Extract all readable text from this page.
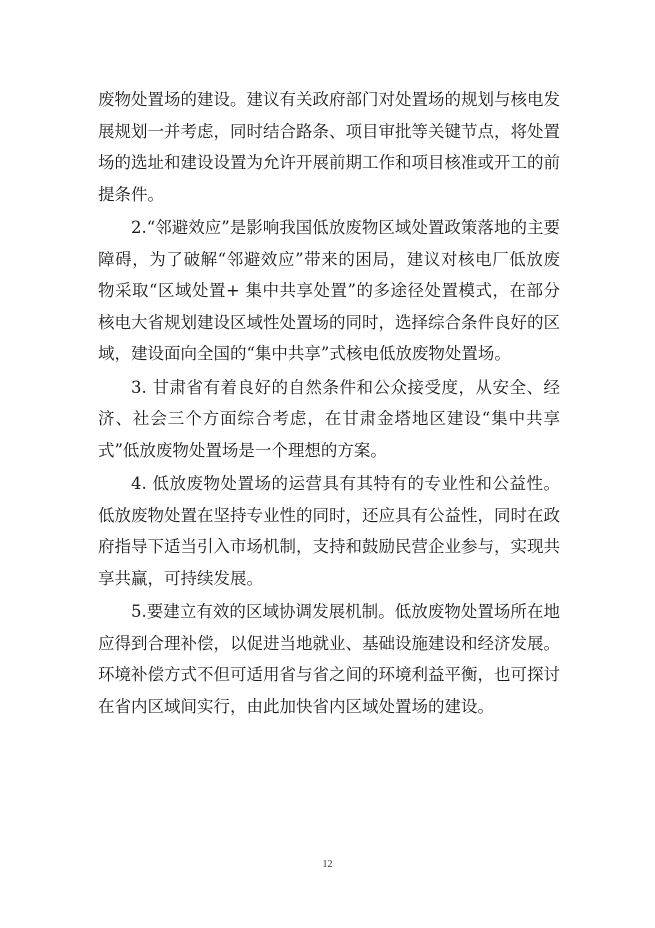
废物处置场的建设。建议有关政府部门对处置场的规划与核电发展规划一并考虑，同时结合路条、项目审批等关键节点，将处置场的选址和建设设置为允许开展前期工作和项目核准或开工的前提条件。

2.“邻避效应”是影响我国低放废物区域处置政策落地的主要障碍，为了破解“邻避效应”带来的困局，建议对核电厂低放废物采取“区域处置+ 集中共享处置”的多途径处置模式，在部分核电大省规划建设区域性处置场的同时，选择综合条件良好的区域，建设面向全国的“集中共享”式核电低放废物处置场。

3. 甘肃省有着良好的自然条件和公众接受度，从安全、经济、社会三个方面综合考虑，在甘肃金塔地区建设“集中共享式”低放废物处置场是一个理想的方案。

4. 低放废物处置场的运营具有其特有的专业性和公益性。低放废物处置在坚持专业性的同时，还应具有公益性，同时在政府指导下适当引入市场机制，支持和鼓励民营企业参与，实现共享共赢，可持续发展。

5.要建立有效的区域协调发展机制。低放废物处置场所在地应得到合理补偿，以促进当地就业、基础设施建设和经济发展。环境补偿方式不但可适用省与省之间的环境利益平衡，也可探讨在省内区域间实行，由此加快省内区域处置场的建设。

12
